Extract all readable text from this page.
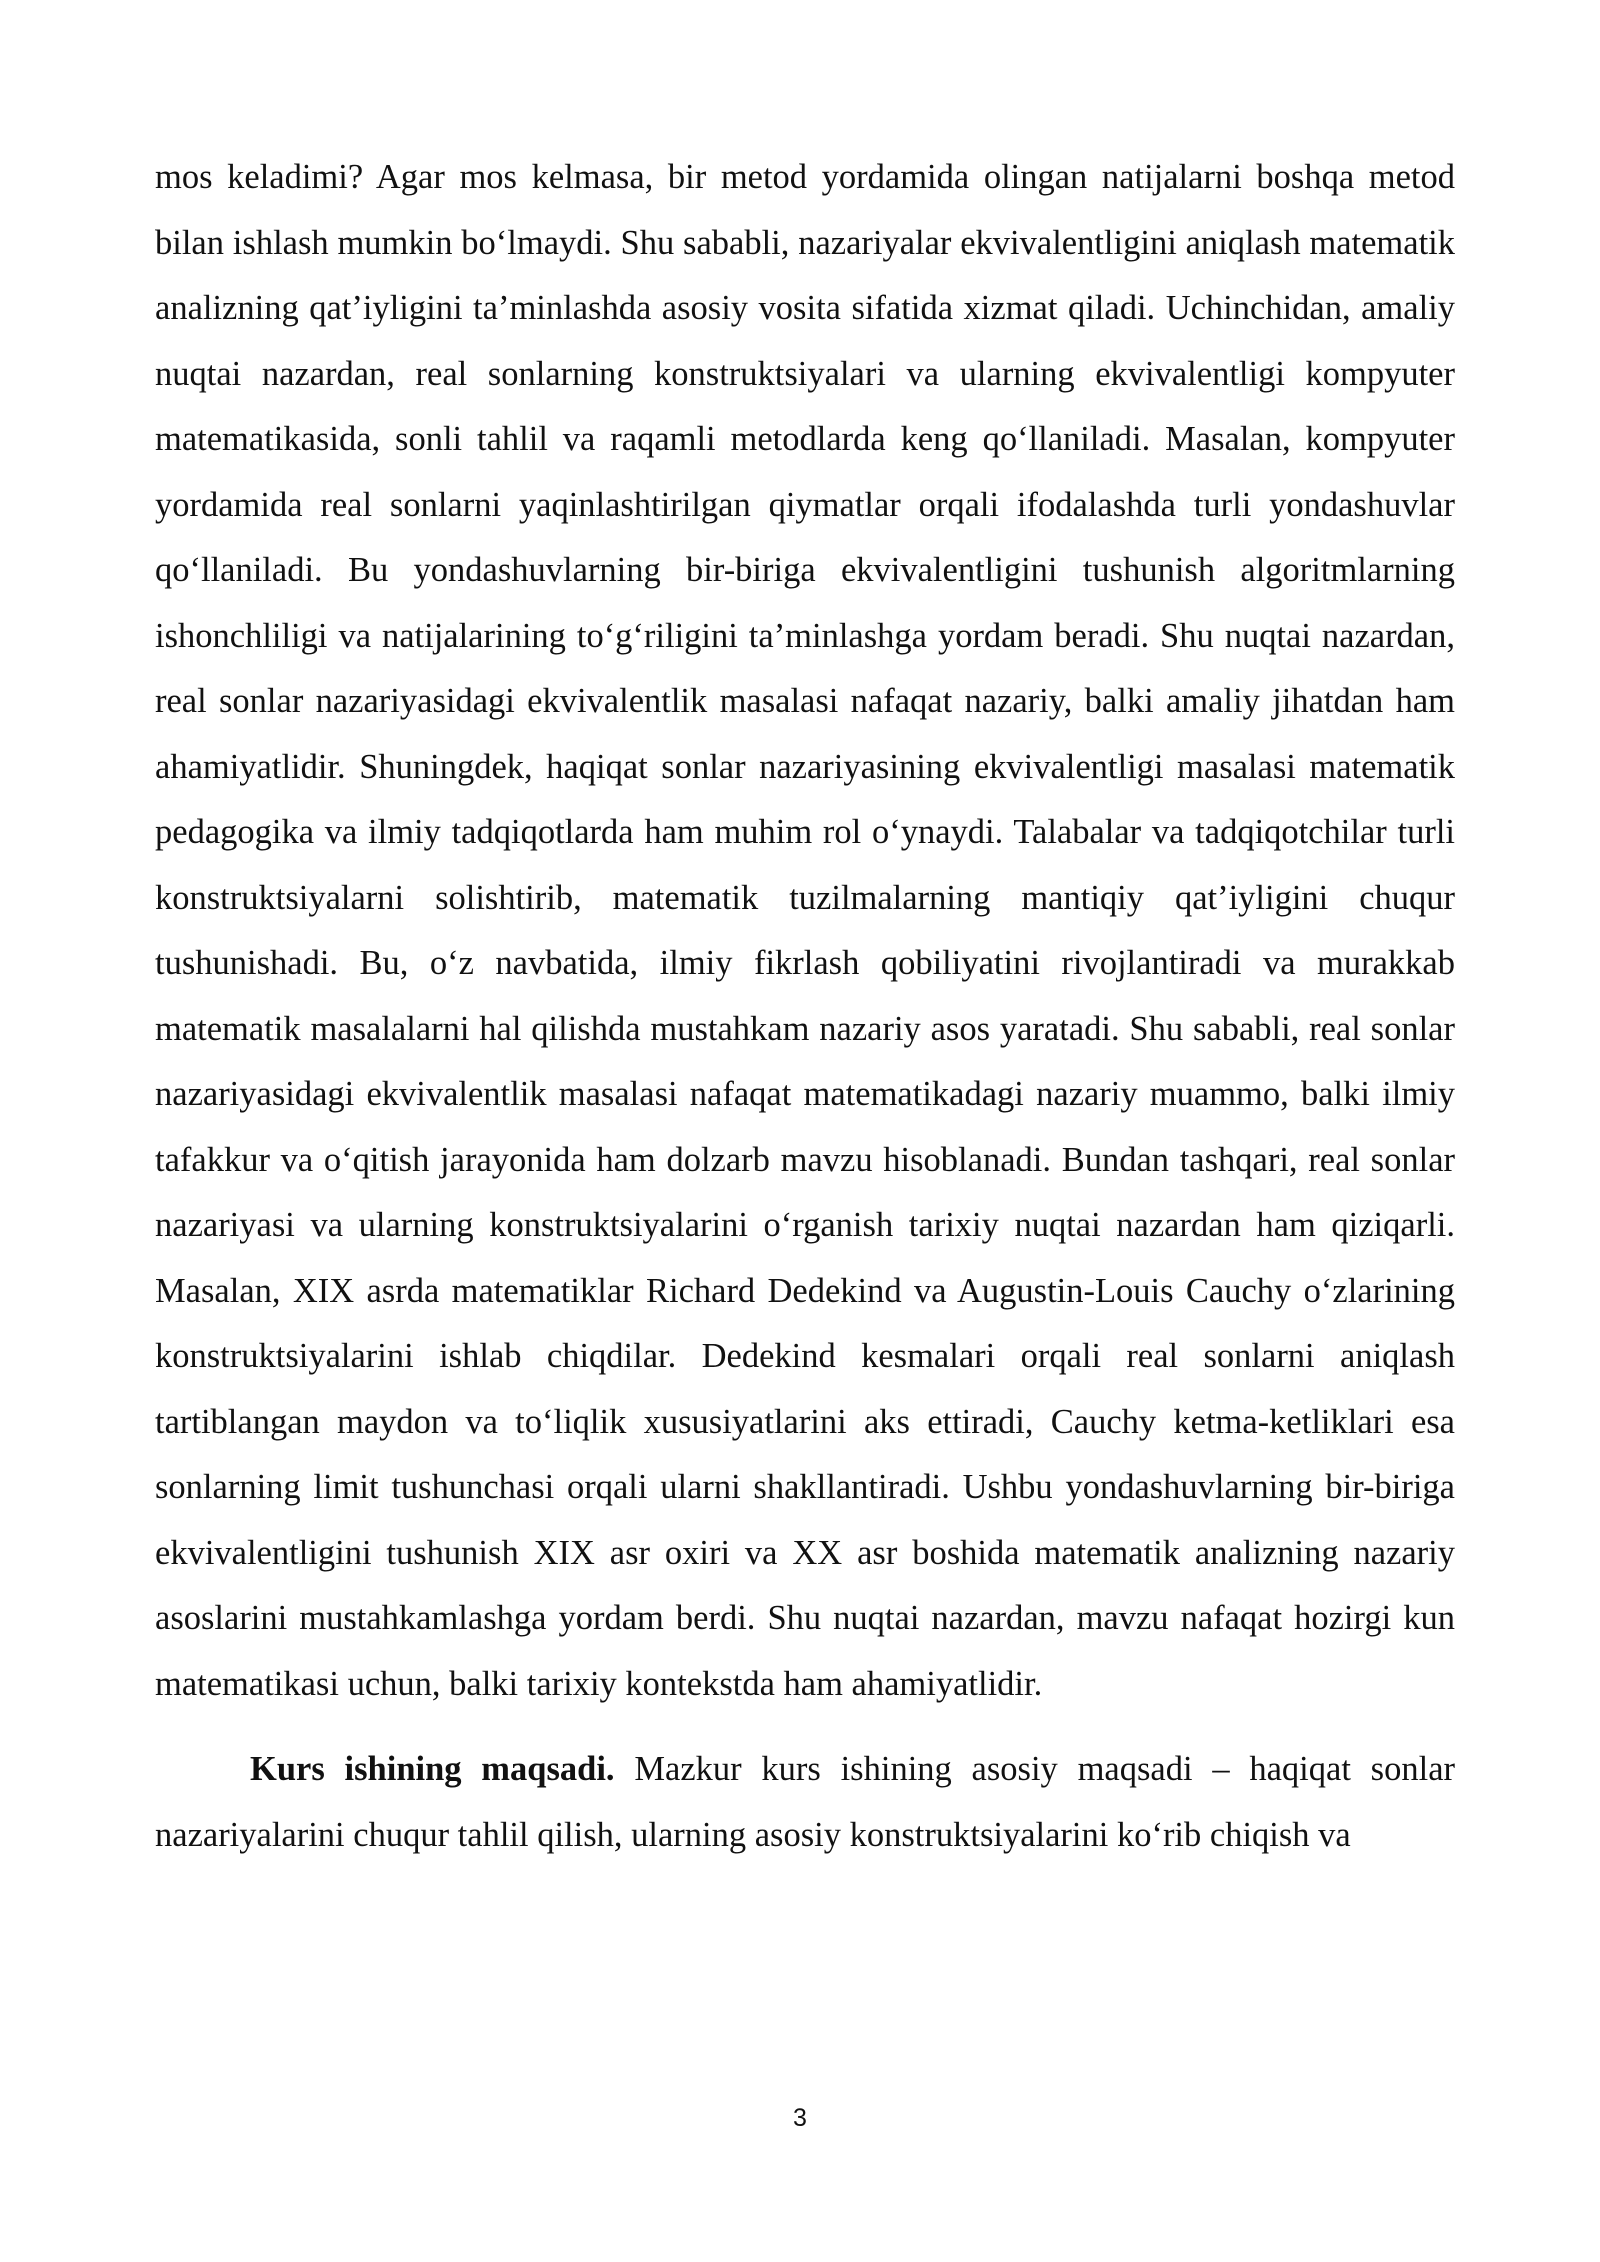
mos keladimi? Agar mos kelmasa, bir metod yordamida olingan natijalarni boshqa metod bilan ishlash mumkin bo‘lmaydi. Shu sababli, nazariyalar ekvivalentligini aniqlash matematik analizning qat’iyligini ta’minlashda asosiy vosita sifatida xizmat qiladi. Uchinchidan, amaliy nuqtai nazardan, real sonlarning konstruktsiyalari va ularning ekvivalentligi kompyuter matematikasida, sonli tahlil va raqamli metodlarda keng qo‘llaniladi. Masalan, kompyuter yordamida real sonlarni yaqinlashtirilgan qiymatlar orqali ifodalashda turli yondashuvlar qo‘llaniladi. Bu yondashuvlarning bir-biriga ekvivalentligini tushunish algoritmlarning ishonchliligi va natijalarining to‘g‘riligini ta’minlashga yordam beradi. Shu nuqtai nazardan, real sonlar nazariyasidagi ekvivalentlik masalasi nafaqat nazariy, balki amaliy jihatdan ham ahamiyatlidir. Shuningdek, haqiqat sonlar nazariyasining ekvivalentligi masalasi matematik pedagogika va ilmiy tadqiqotlarda ham muhim rol o‘ynaydi. Talabalar va tadqiqotchilar turli konstruktsiyalarni solishtirib, matematik tuzilmalarning mantiqiy qat’iyligini chuqur tushunishadi. Bu, o‘z navbatida, ilmiy fikrlash qobiliyatini rivojlantiradi va murakkab matematik masalalarni hal qilishda mustahkam nazariy asos yaratadi. Shu sababli, real sonlar nazariyasidagi ekvivalentlik masalasi nafaqat matematikadagi nazariy muammo, balki ilmiy tafakkur va o‘qitish jarayonida ham dolzarb mavzu hisoblanadi. Bundan tashqari, real sonlar nazariyasi va ularning konstruktsiyalarini o‘rganish tarixiy nuqtai nazardan ham qiziqarli. Masalan, XIX asrda matematiklar Richard Dedekind va Augustin-Louis Cauchy o‘zlarining konstruktsiyalarini ishlab chiqdilar. Dedekind kesmalari orqali real sonlarni aniqlash tartiblangan maydon va to‘liqlik xususiyatlarini aks ettiradi, Cauchy ketma-ketliklari esa sonlarning limit tushunchasi orqali ularni shakllantiradi. Ushbu yondashuvlarning bir-biriga ekvivalentligini tushunish XIX asr oxiri va XX asr boshida matematik analizning nazariy asoslarini mustahkamlashga yordam berdi. Shu nuqtai nazardan, mavzu nafaqat hozirgi kun matematikasi uchun, balki tarixiy kontekstda ham ahamiyatlidir.

Kurs ishining maqsadi. Mazkur kurs ishining asosiy maqsadi – haqiqat sonlar nazariyalarini chuqur tahlil qilish, ularning asosiy konstruktsiyalarini ko‘rib chiqish va

3
